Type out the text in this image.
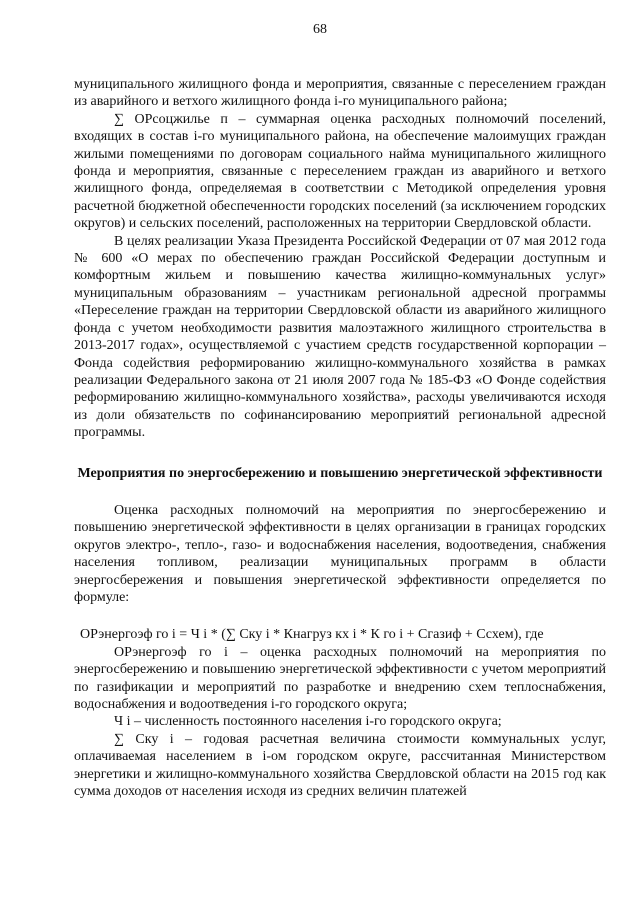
68

муниципального жилищного фонда и мероприятия, связанные с переселением граждан из аварийного и ветхого жилищного фонда i-го муниципального района;

∑ ОРсоцжилье п – суммарная оценка расходных полномочий поселений, входящих в состав i-го муниципального района, на обеспечение малоимущих граждан жилыми помещениями по договорам социального найма муниципального жилищного фонда и мероприятия, связанные с переселением граждан из аварийного и ветхого жилищного фонда, определяемая в соответствии с Методикой определения уровня расчетной бюджетной обеспеченности городских поселений (за исключением городских округов) и сельских поселений, расположенных на территории Свердловской области.

В целях реализации Указа Президента Российской Федерации от 07 мая 2012 года № 600 «О мерах по обеспечению граждан Российской Федерации доступным и комфортным жильем и повышению качества жилищно-коммунальных услуг» муниципальным образованиям – участникам региональной адресной программы «Переселение граждан на территории Свердловской области из аварийного жилищного фонда с учетом необходимости развития малоэтажного жилищного строительства в 2013-2017 годах», осуществляемой с участием средств государственной корпорации – Фонда содействия реформированию жилищно-коммунального хозяйства в рамках реализации Федерального закона от 21 июля 2007 года № 185-ФЗ «О Фонде содействия реформированию жилищно-коммунального хозяйства», расходы увеличиваются исходя из доли обязательств по софинансированию мероприятий региональной адресной программы.

Мероприятия по энергосбережению и повышению энергетической эффективности

Оценка расходных полномочий на мероприятия по энергосбережению и повышению энергетической эффективности в целях организации в границах городских округов электро-, тепло-, газо- и водоснабжения населения, водоотведения, снабжения населения топливом, реализации муниципальных программ в области энергосбережения и повышения энергетической эффективности определяется по формуле:

ОРэнергоэф го i = Ч i * (∑ Ску i * Кнагруз кх i * К го i + Сгазиф + Ссхем), где

ОРэнергоэф го i – оценка расходных полномочий на мероприятия по энергосбережению и повышению энергетической эффективности с учетом мероприятий по газификации и мероприятий по разработке и внедрению схем теплоснабжения, водоснабжения и водоотведения i-го городского округа;

Ч i – численность постоянного населения i-го городского округа;

∑ Ску i – годовая расчетная величина стоимости коммунальных услуг, оплачиваемая населением в i-ом городском округе, рассчитанная Министерством энергетики и жилищно-коммунального хозяйства Свердловской области на 2015 год как сумма доходов от населения исходя из средних величин платежей
